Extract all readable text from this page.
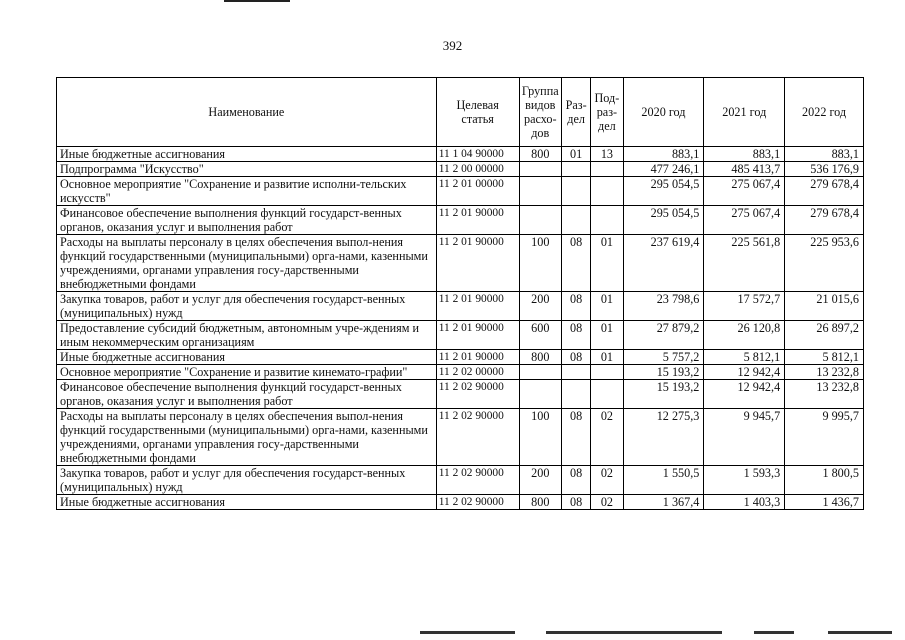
392
Наименование	Целевая статья	Группа видов расхо-дов	Раз-дел	Под-раз-дел	2020 год	2021 год	2022 год
Иные бюджетные ассигнования	11 1 04 90000	800	01	13	883,1	883,1	883,1
Подпрограмма "Искусство"	11 2 00 00000				477 246,1	485 413,7	536 176,9
Основное мероприятие "Сохранение и развитие исполни-тельских искусств"	11 2 01 00000				295 054,5	275 067,4	279 678,4
Финансовое обеспечение выполнения функций государст-венных органов, оказания услуг и выполнения работ	11 2 01 90000				295 054,5	275 067,4	279 678,4
Расходы на выплаты персоналу в целях обеспечения выпол-нения функций государственными (муниципальными) орга-нами, казенными учреждениями, органами управления госу-дарственными внебюджетными фондами	11 2 01 90000	100	08	01	237 619,4	225 561,8	225 953,6
Закупка товаров, работ и услуг для обеспечения государст-венных (муниципальных) нужд	11 2 01 90000	200	08	01	23 798,6	17 572,7	21 015,6
Предоставление субсидий бюджетным, автономным учре-ждениям и иным некоммерческим организациям	11 2 01 90000	600	08	01	27 879,2	26 120,8	26 897,2
Иные бюджетные ассигнования	11 2 01 90000	800	08	01	5 757,2	5 812,1	5 812,1
Основное мероприятие "Сохранение и развитие кинемато-графии"	11 2 02 00000				15 193,2	12 942,4	13 232,8
Финансовое обеспечение выполнения функций государст-венных органов, оказания услуг и выполнения работ	11 2 02 90000				15 193,2	12 942,4	13 232,8
Расходы на выплаты персоналу в целях обеспечения выпол-нения функций государственными (муниципальными) орга-нами, казенными учреждениями, органами управления госу-дарственными внебюджетными фондами	11 2 02 90000	100	08	02	12 275,3	9 945,7	9 995,7
Закупка товаров, работ и услуг для обеспечения государст-венных (муниципальных) нужд	11 2 02 90000	200	08	02	1 550,5	1 593,3	1 800,5
Иные бюджетные ассигнования	11 2 02 90000	800	08	02	1 367,4	1 403,3	1 436,7
